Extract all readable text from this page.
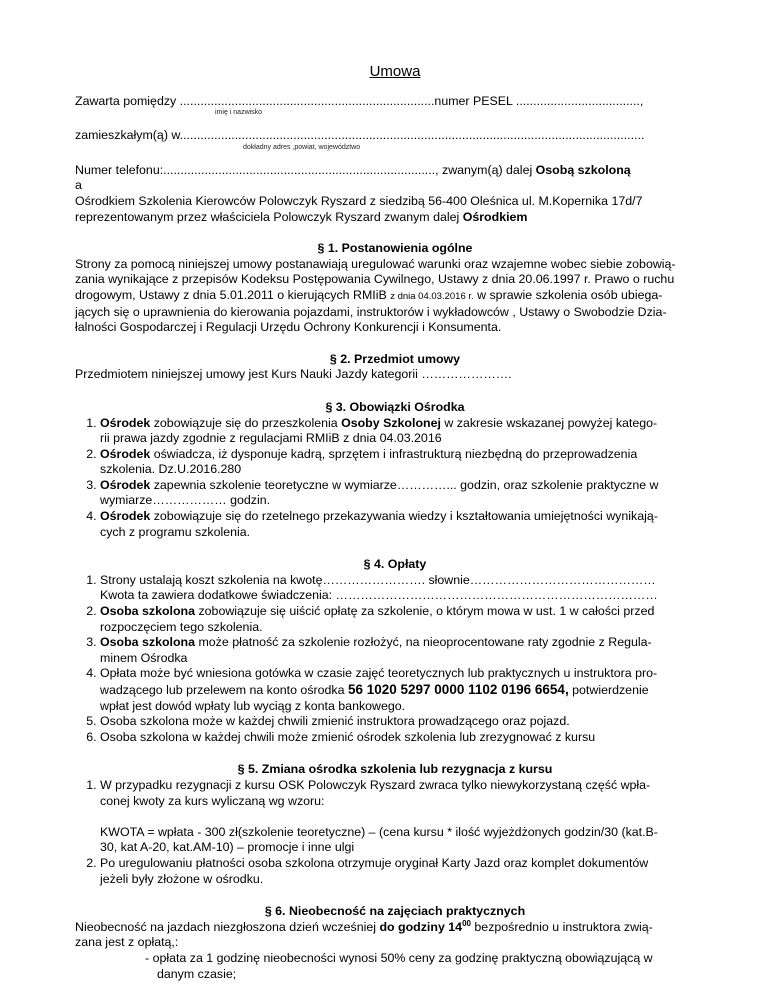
Umowa
Zawarta pomiędzy ..........................................................................numer PESEL ....................................,
imię i nazwisko
zamieszkałym(ą) w.......................................................................................................................................
dokładny adres ,powiat, województwo
Numer telefonu:..............................................................................., zwanym(ą) dalej Osobą szkoloną
a
Ośrodkiem Szkolenia Kierowców Polowczyk Ryszard z siedzibą 56-400 Oleśnica ul. M.Kopernika 17d/7
reprezentowanym przez właściciela Polowczyk Ryszard zwanym dalej Ośrodkiem
§ 1. Postanowienia ogólne
Strony za pomocą niniejszej umowy postanawiają uregulować warunki oraz wzajemne wobec siebie zobowią-
zania wynikające z przepisów Kodeksu Postępowania Cywilnego, Ustawy z dnia 20.06.1997 r. Prawo o ruchu
drogowym, Ustawy z dnia 5.01.2011 o kierujących RMIiB z dnia 04.03.2016 r. w sprawie szkolenia osób ubiega-
jących się o uprawnienia do kierowania pojazdami, instruktorów i wykładowców , Ustawy o Swobodzie Dzia-
łalności Gospodarczej i Regulacji Urzędu Ochrony Konkurencji i Konsumenta.
§ 2. Przedmiot umowy
Przedmiotem niniejszej umowy jest Kurs Nauki Jazdy kategorii ………………….
§ 3. Obowiązki Ośrodka
1. Ośrodek zobowiązuje się do przeszkolenia Osoby Szkolonej w zakresie wskazanej powyżej katego-
rii prawa jazdy zgodnie z regulacjami RMIiB z dnia 04.03.2016
2. Ośrodek oświadcza, iż dysponuje kadrą, sprzętem i infrastrukturą niezbędną do przeprowadzenia
szkolenia. Dz.U.2016.280
3. Ośrodek zapewnia szkolenie teoretyczne w wymiarze…………... godzin, oraz szkolenie praktyczne w
wymiarze……………… godzin.
4. Ośrodek zobowiązuje się do rzetelnego przekazywania wiedzy i kształtowania umiejętności wynikają-
cych z programu szkolenia.
§ 4. Opłaty
1. Strony ustalają koszt szkolenia na kwotę……………………. słownie………………………………………
Kwota ta zawiera dodatkowe świadczenia: ……………………………………………………………………
2. Osoba szkolona zobowiązuje się uiścić opłatę za szkolenie, o którym mowa w ust. 1 w całości przed
rozpoczęciem tego szkolenia.
3. Osoba szkolona może płatność za szkolenie rozłożyć, na nieoprocentowane raty zgodnie z Regula-
minem Ośrodka
4. Opłata może być wniesiona gotówka w czasie zajęć teoretycznych lub praktycznych u instruktora pro-
wadzącego lub przelewem na konto ośrodka 56 1020 5297 0000 1102 0196 6654, potwierdzenie
wpłat jest dowód wpłaty lub wyciąg z konta bankowego.
5. Osoba szkolona może w każdej chwili zmienić instruktora prowadzącego oraz pojazd.
6. Osoba szkolona w każdej chwili może zmienić ośrodek szkolenia lub zrezygnować z kursu
§ 5. Zmiana ośrodka szkolenia lub rezygnacja z kursu
1. W przypadku rezygnacji z kursu OSK Polowczyk Ryszard zwraca tylko niewykorzystaną część wpła-
conej kwoty za kurs wyliczaną wg wzoru:

KWOTA = wpłata - 300 zł(szkolenie teoretyczne) – (cena kursu * ilość wyjeżdżonych godzin/30 (kat.B-
30, kat A-20, kat.AM-10) – promocje i inne ulgi
2. Po uregulowaniu płatności osoba szkolona otrzymuje oryginał Karty Jazd oraz komplet dokumentów
jeżeli były złożone w ośrodku.
§ 6. Nieobecność na zajęciach praktycznych
Nieobecność na jazdach niezgłoszona dzień wcześniej do godziny $14^{00}$ bezpośrednio u instruktora zwią-
zana jest z opłatą,:
- opłata za 1 godzinę nieobecności wynosi 50% ceny za godzinę praktyczną obowiązującą w
danym czasie;
